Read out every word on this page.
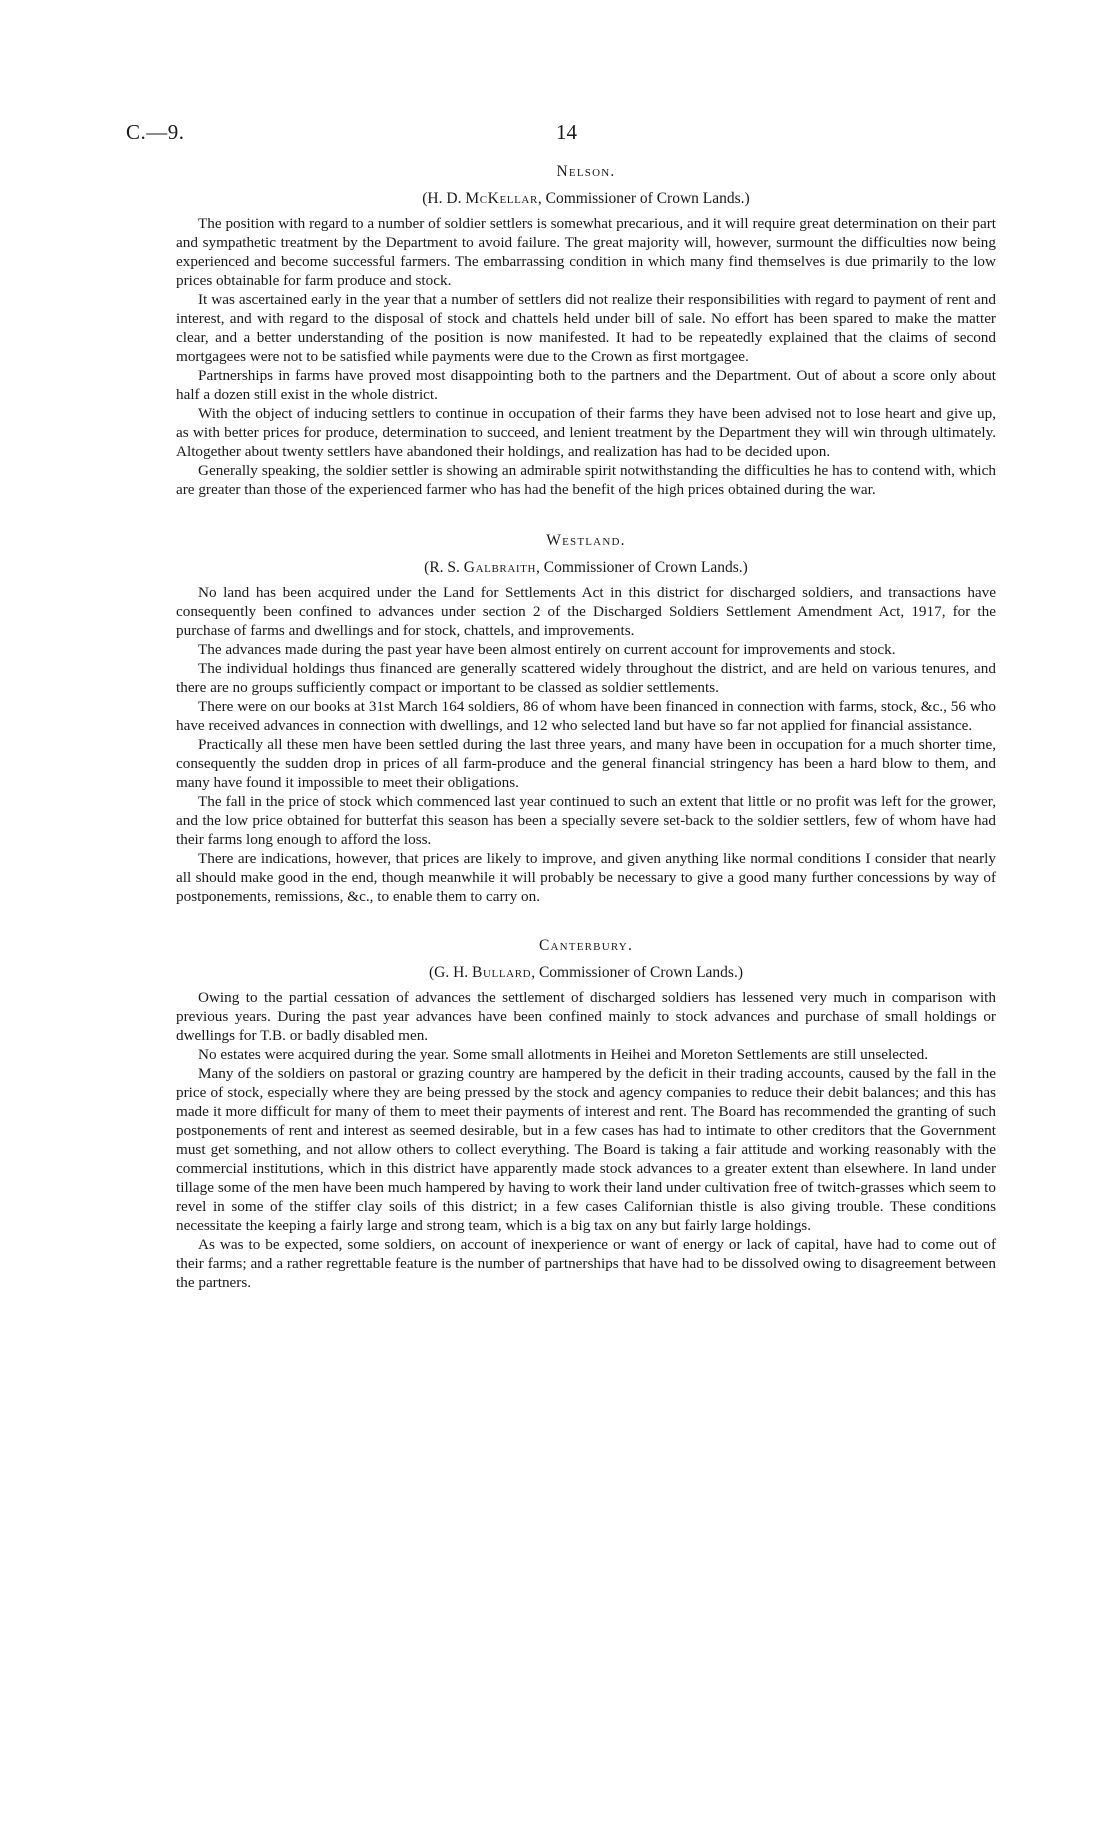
C.—9.	14
Nelson.
(H. D. McKellar, Commissioner of Crown Lands.)

The position with regard to a number of soldier settlers is somewhat precarious, and it will require great determination on their part and sympathetic treatment by the Department to avoid failure. The great majority will, however, surmount the difficulties now being experienced and become successful farmers. The embarrassing condition in which many find themselves is due primarily to the low prices obtainable for farm produce and stock.

It was ascertained early in the year that a number of settlers did not realize their responsibilities with regard to payment of rent and interest, and with regard to the disposal of stock and chattels held under bill of sale. No effort has been spared to make the matter clear, and a better understanding of the position is now manifested. It had to be repeatedly explained that the claims of second mortgagees were not to be satisfied while payments were due to the Crown as first mortgagee.

Partnerships in farms have proved most disappointing both to the partners and the Department. Out of about a score only about half a dozen still exist in the whole district.

With the object of inducing settlers to continue in occupation of their farms they have been advised not to lose heart and give up, as with better prices for produce, determination to succeed, and lenient treatment by the Department they will win through ultimately. Altogether about twenty settlers have abandoned their holdings, and realization has had to be decided upon.

Generally speaking, the soldier settler is showing an admirable spirit notwithstanding the difficulties he has to contend with, which are greater than those of the experienced farmer who has had the benefit of the high prices obtained during the war.

Westland.
(R. S. Galbraith, Commissioner of Crown Lands.)

No land has been acquired under the Land for Settlements Act in this district for discharged soldiers, and transactions have consequently been confined to advances under section 2 of the Discharged Soldiers Settlement Amendment Act, 1917, for the purchase of farms and dwellings and for stock, chattels, and improvements.

The advances made during the past year have been almost entirely on current account for improvements and stock.

The individual holdings thus financed are generally scattered widely throughout the district, and are held on various tenures, and there are no groups sufficiently compact or important to be classed as soldier settlements.

There were on our books at 31st March 164 soldiers, 86 of whom have been financed in connection with farms, stock, &c., 56 who have received advances in connection with dwellings, and 12 who selected land but have so far not applied for financial assistance.

Practically all these men have been settled during the last three years, and many have been in occupation for a much shorter time, consequently the sudden drop in prices of all farm-produce and the general financial stringency has been a hard blow to them, and many have found it impossible to meet their obligations.

The fall in the price of stock which commenced last year continued to such an extent that little or no profit was left for the grower, and the low price obtained for butterfat this season has been a specially severe set-back to the soldier settlers, few of whom have had their farms long enough to afford the loss.

There are indications, however, that prices are likely to improve, and given anything like normal conditions I consider that nearly all should make good in the end, though meanwhile it will probably be necessary to give a good many further concessions by way of postponements, remissions, &c., to enable them to carry on.

Canterbury.
(G. H. Bullard, Commissioner of Crown Lands.)

Owing to the partial cessation of advances the settlement of discharged soldiers has lessened very much in comparison with previous years. During the past year advances have been confined mainly to stock advances and purchase of small holdings or dwellings for T.B. or badly disabled men.

No estates were acquired during the year. Some small allotments in Heihei and Moreton Settlements are still unselected.

Many of the soldiers on pastoral or grazing country are hampered by the deficit in their trading accounts, caused by the fall in the price of stock, especially where they are being pressed by the stock and agency companies to reduce their debit balances; and this has made it more difficult for many of them to meet their payments of interest and rent. The Board has recommended the granting of such postponements of rent and interest as seemed desirable, but in a few cases has had to intimate to other creditors that the Government must get something, and not allow others to collect everything. The Board is taking a fair attitude and working reasonably with the commercial institutions, which in this district have apparently made stock advances to a greater extent than elsewhere. In land under tillage some of the men have been much hampered by having to work their land under cultivation free of twitch-grasses which seem to revel in some of the stiffer clay soils of this district; in a few cases Californian thistle is also giving trouble. These conditions necessitate the keeping a fairly large and strong team, which is a big tax on any but fairly large holdings.

As was to be expected, some soldiers, on account of inexperience or want of energy or lack of capital, have had to come out of their farms; and a rather regrettable feature is the number of partnerships that have had to be dissolved owing to disagreement between the partners.
